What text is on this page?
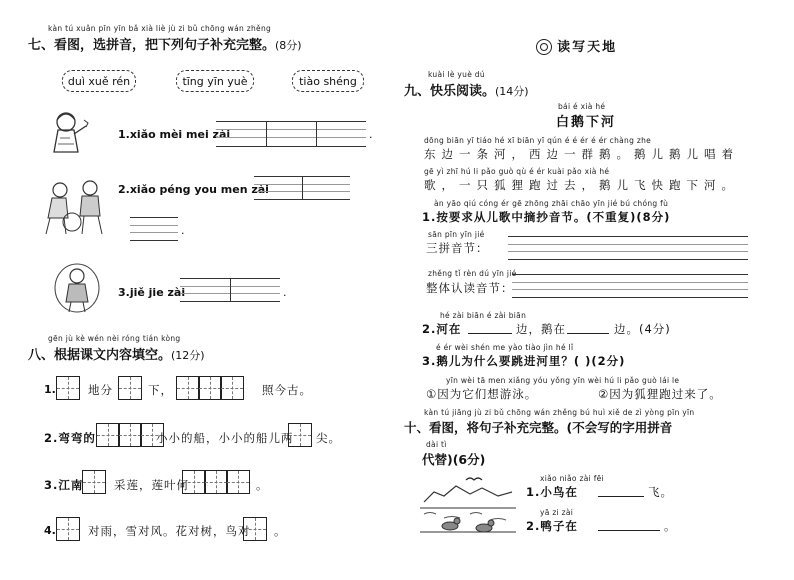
kàn tú xuǎn pīn yīn bǎ xià liè jù zi bǔ chōng wán zhěng
七、看图，选拼音，把下列句子补充完整。(8分)
duì xuě rén	tīng yīn yuè	tiào shéng
1.xiǎo mèi mei zài	.
2.xiǎo péng you men zài
.
3.jiě jie zài	.
gēn jù kè wén nèi róng tián kòng
八、根据课文内容填空。(12分)
1.	地分	下，	照今古。
2.弯弯的	小小的船，小小的船儿两 尖。
3.江南	采莲，莲叶何	。
4.	对雨，雪对风。花对树，鸟对 。
读写天地
kuài lè yuè dú
九、快乐阅读。(14分)
bái é xià hé
白鹅下河
dōng biān yī tiáo hé xī biān yī qún é é ér é ér chàng zhe
东边一条河，西边一群鹅。鹅儿鹅儿唱着
gē yì zhī hú li pǎo guò qù é ér kuài pǎo xià hé
歌，一只狐狸跑过去，鹅儿飞快跑下河。
àn yāo qiú cóng ér gē zhōng zhāi chāo yīn jié bú chóng fù
1.按要求从儿歌中摘抄音节。(不重复)(8分)
sān pīn yīn jié
三拼音节：
zhěng tǐ rèn dú yīn jié
整体认读音节：
hé zài biān é zài biān
2.河在	边，鹅在	边。(4分)
é ér wèi shén me yào tiào jìn hé lǐ
3.鹅儿为什么要跳进河里？( )(2分)
yīn wèi tā men xiǎng yóu yǒng yīn wèi hú li pǎo guò lái le
①因为它们想游泳。	②因为狐狸跑过来了。
kàn tú jiāng jù zi bǔ chōng wán zhěng bú huì xiě de zì yòng pīn yīn
十、看图，将句子补充完整。(不会写的字用拼音
dài tì
代替)(6分)
xiǎo niǎo zài fēi
1.小鸟在	飞。
yā zi zài
2.鸭子在	。
